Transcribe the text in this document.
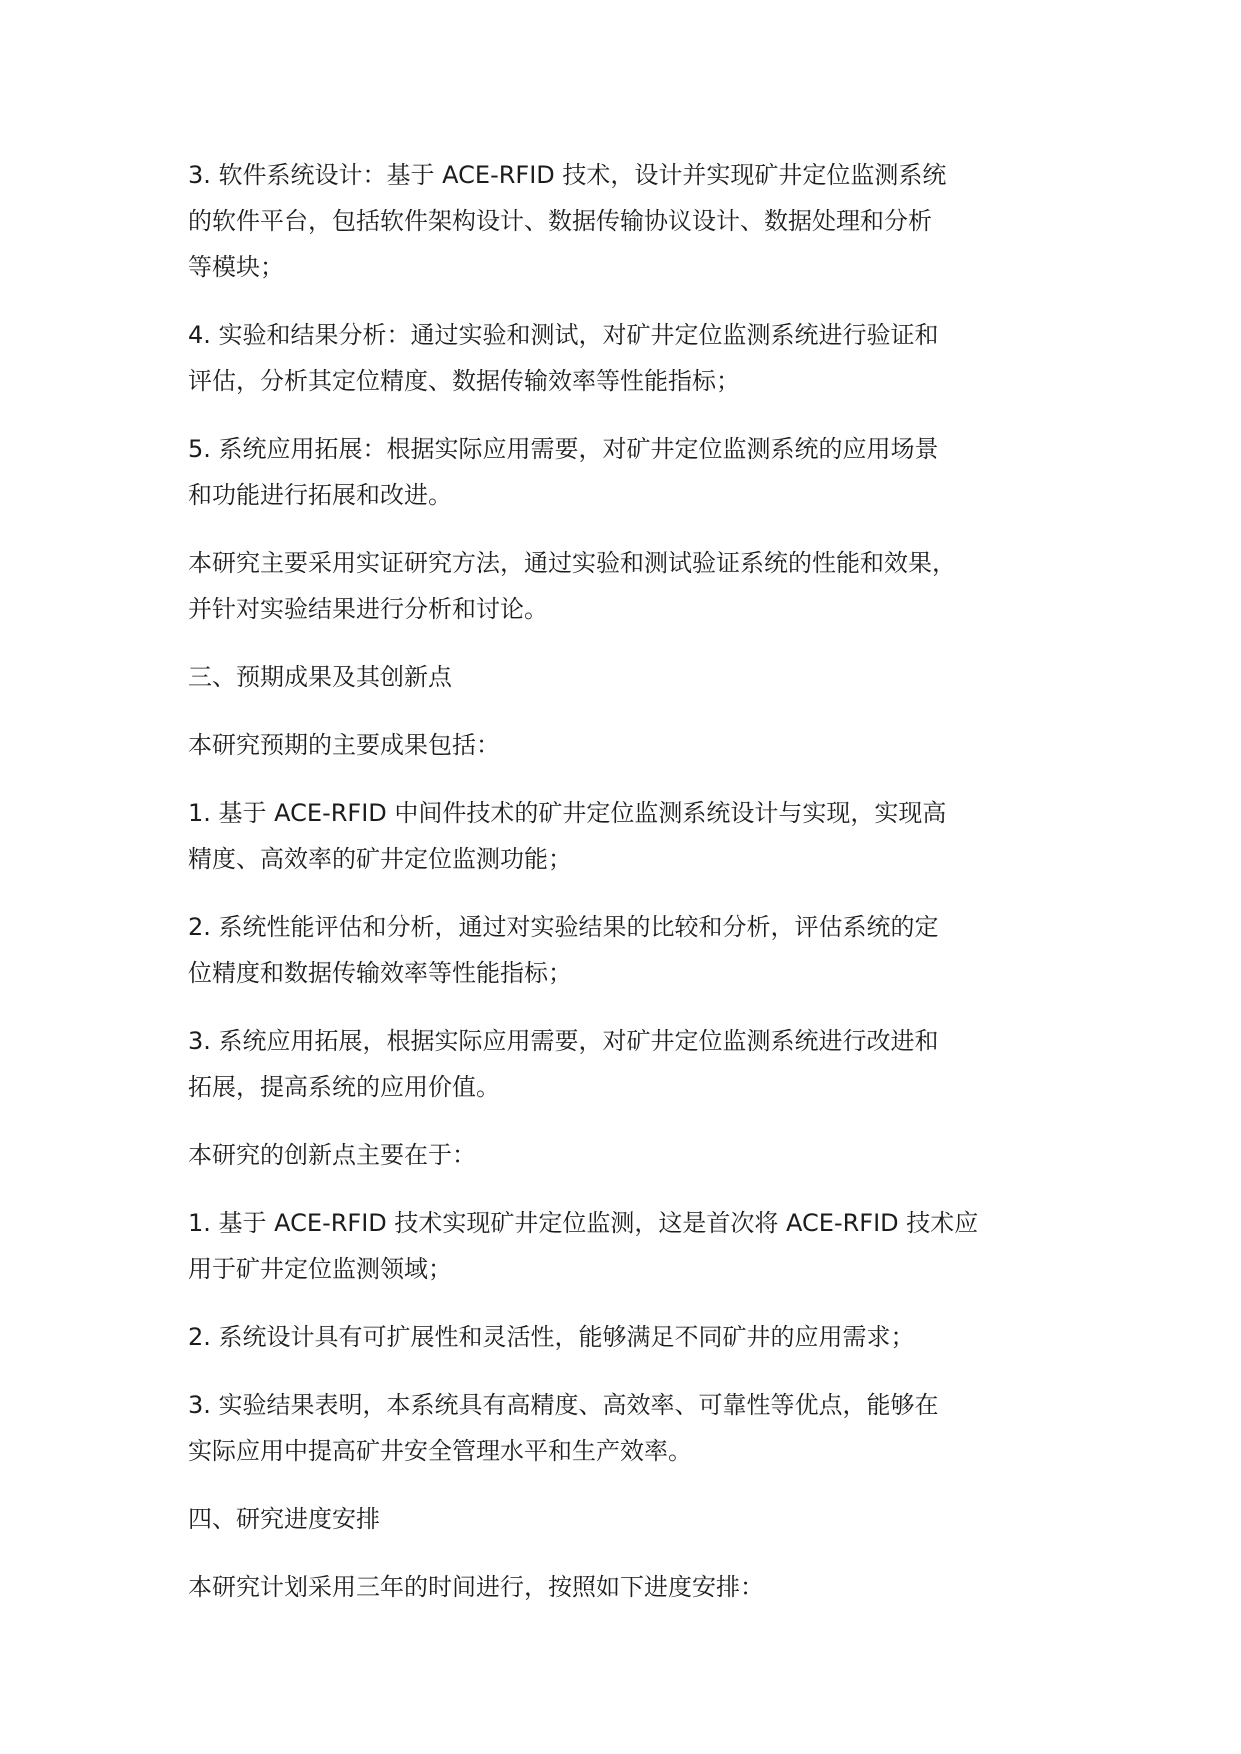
3. 软件系统设计：基于 ACE-RFID 技术，设计并实现矿井定位监测系统
的软件平台，包括软件架构设计、数据传输协议设计、数据处理和分析
等模块；

4. 实验和结果分析：通过实验和测试，对矿井定位监测系统进行验证和
评估，分析其定位精度、数据传输效率等性能指标；

5. 系统应用拓展：根据实际应用需要，对矿井定位监测系统的应用场景
和功能进行拓展和改进。

本研究主要采用实证研究方法，通过实验和测试验证系统的性能和效果，
并针对实验结果进行分析和讨论。

三、预期成果及其创新点

本研究预期的主要成果包括：

1. 基于 ACE-RFID 中间件技术的矿井定位监测系统设计与实现，实现高
精度、高效率的矿井定位监测功能；

2. 系统性能评估和分析，通过对实验结果的比较和分析，评估系统的定
位精度和数据传输效率等性能指标；

3. 系统应用拓展，根据实际应用需要，对矿井定位监测系统进行改进和
拓展，提高系统的应用价值。

本研究的创新点主要在于：

1. 基于 ACE-RFID 技术实现矿井定位监测，这是首次将 ACE-RFID 技术应
用于矿井定位监测领域；

2. 系统设计具有可扩展性和灵活性，能够满足不同矿井的应用需求；

3. 实验结果表明，本系统具有高精度、高效率、可靠性等优点，能够在
实际应用中提高矿井安全管理水平和生产效率。

四、研究进度安排

本研究计划采用三年的时间进行，按照如下进度安排：
